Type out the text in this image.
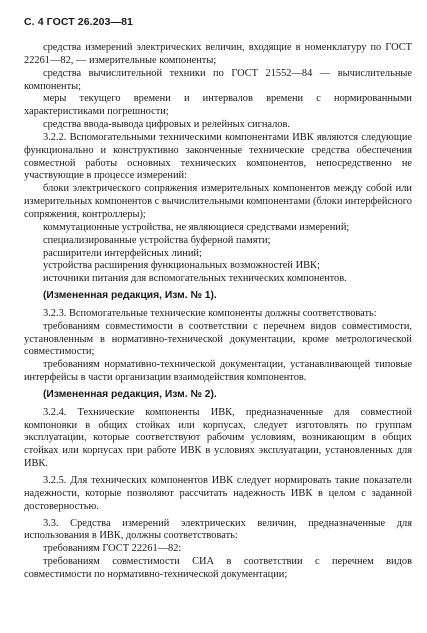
С. 4 ГОСТ 26.203—81

средства измерений электрических величин, входящие в номенклатуру по ГОСТ 22261—82, — измерительные компоненты;

средства вычислительной техники по ГОСТ 21552—84 — вычислительные компоненты;

меры текущего времени и интервалов времени с нормированными характеристиками погрешности;

средства ввода-вывода цифровых и релейных сигналов.

3.2.2. Вспомогательными техническими компонентами ИВК являются следующие функционально и конструктивно законченные технические средства обеспечения совместной работы основных технических компонентов, непосредственно не участвующие в процессе измерений:

блоки электрического сопряжения измерительных компонентов между собой или измерительных компонентов с вычислительными компонентами (блоки интерфейсного сопряжения, контроллеры);

коммутационные устройства, не являющиеся средствами измерений;

специализированные устройства буферной памяти;

расширители интерфейсных линий;

устройства расширения функциональных возможностей ИВК;

источники питания для вспомогательных технических компонентов.

(Измененная редакция, Изм. № 1).

3.2.3. Вспомогательные технические компоненты должны соответствовать:

требованиям совместимости в соответствии с перечнем видов совместимости, установленным в нормативно-технической документации, кроме метрологической совместимости;

требованиям нормативно-технической документации, устанавливающей типовые интерфейсы в части организации взаимодействия компонентов.

(Измененная редакция, Изм. № 2).

3.2.4. Технические компоненты ИВК, предназначенные для совместной компоновки в общих стойках или корпусах, следует изготовлять по группам эксплуатации, которые соответствуют рабочим условиям, возникающим в общих стойках или корпусах при работе ИВК в условиях эксплуатации, установленных для ИВК.

3.2.5. Для технических компонентов ИВК следует нормировать такие показатели надежности, которые позволяют рассчитать надежность ИВК в целом с заданной достоверностью.

3.3. Средства измерений электрических величин, предназначенные для использования в ИВК, должны соответствовать:

требованиям ГОСТ 22261—82:

требованиям совместимости СИА в соответствии с перечнем видов совместимости по нормативно-технической документации;
